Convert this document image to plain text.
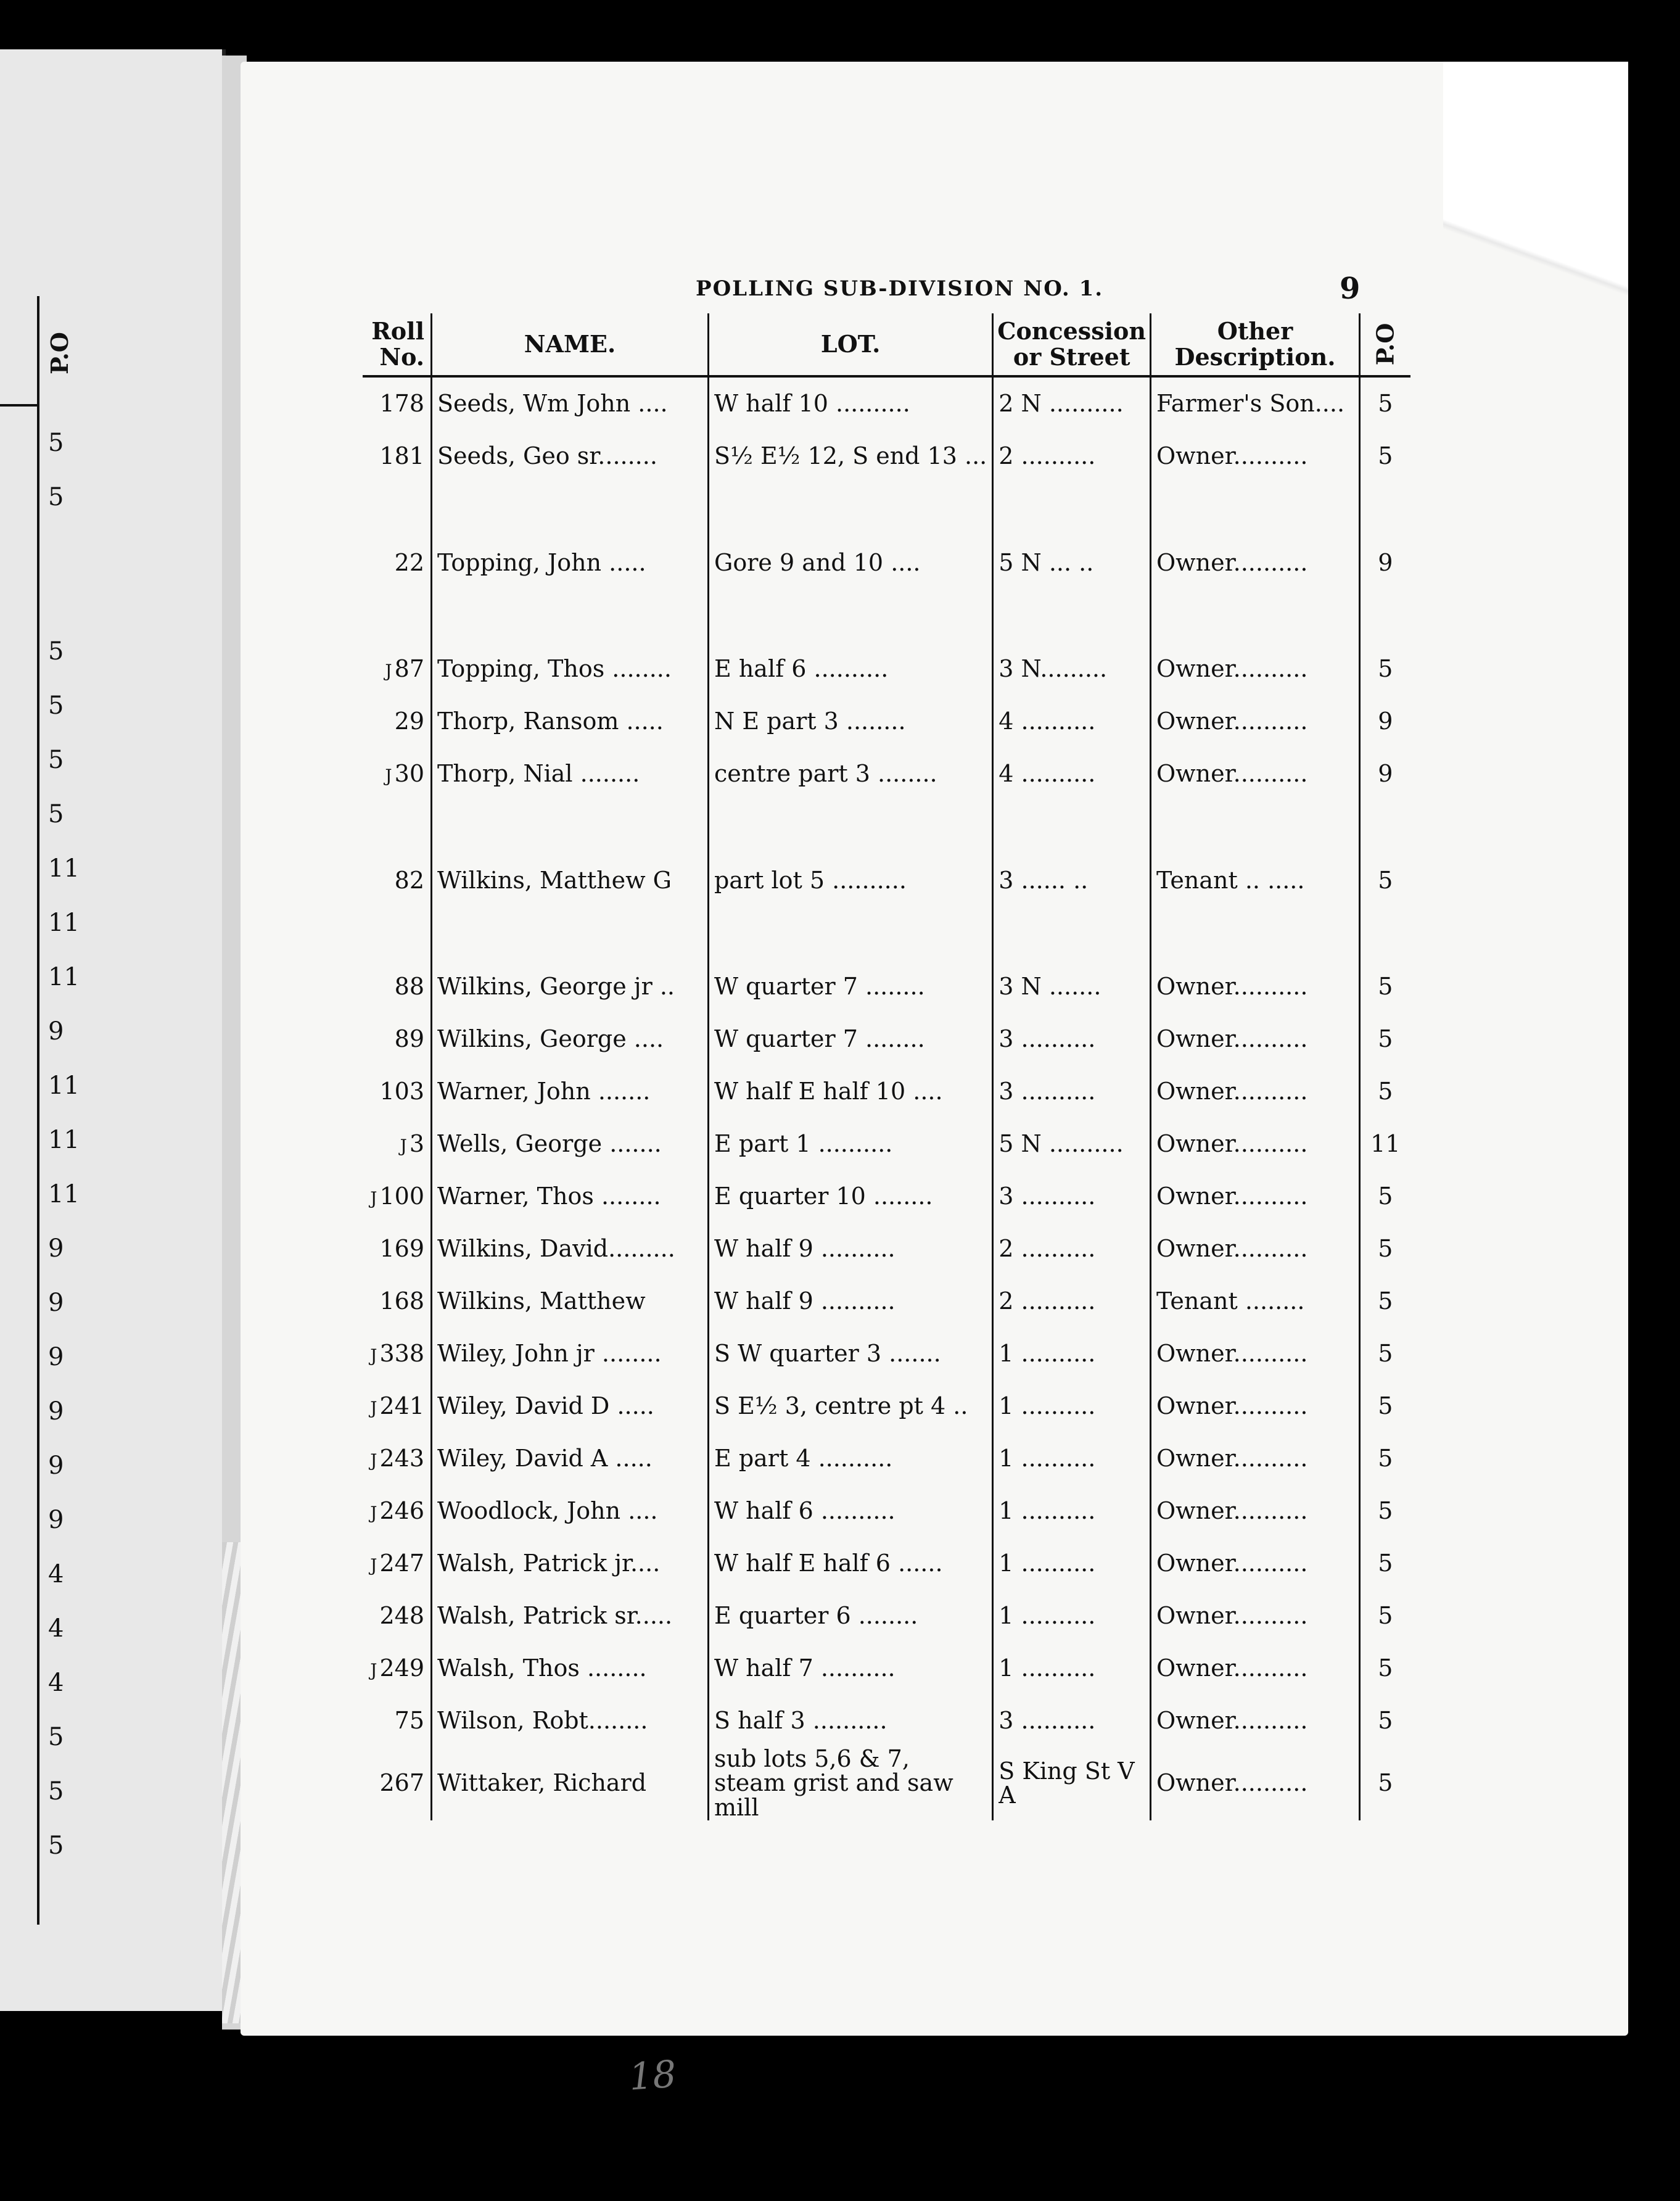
P.O
5
5
5
5
5
5
11
11
11
9
11
11
11
9
9
9
9
9
9
4
4
4
5
5
5
POLLING SUB-DIVISION NO. 1.	9
Roll No.	NAME.	LOT.	Concession or Street	Other Description.	P.O
178	Seeds, Wm John ....	W half 10 ..........	2 N ..........	Farmer's Son....	5
181	Seeds, Geo sr........	S½ E½ 12, S end 13 ...	2 ..........	Owner..........	5
22	Topping, John .....	Gore 9 and 10 ....	5 N ... ..	Owner..........	9
J 87	Topping, Thos ........	E half 6 ..........	3 N.........	Owner..........	5
29	Thorp, Ransom .....	N E part 3 ........	4 ..........	Owner..........	9
J 30	Thorp, Nial ........	centre part 3 ........	4 ..........	Owner..........	9
82	Wilkins, Matthew G	part lot 5 ..........	3 ...... ..	Tenant .. .....	5
88	Wilkins, George jr ..	W quarter 7 ........	3 N .......	Owner..........	5
89	Wilkins, George ....	W quarter 7 ........	3 ..........	Owner..........	5
103	Warner, John .......	W half E half 10 ....	3 ..........	Owner..........	5
J 3	Wells, George .......	E part 1 ..........	5 N ..........	Owner..........	11
J 100	Warner, Thos ........	E quarter 10 ........	3 ..........	Owner..........	5
169	Wilkins, David.........	W half 9 ..........	2 ..........	Owner..........	5
168	Wilkins, Matthew	W half 9 ..........	2 ..........	Tenant ........	5
J 338	Wiley, John jr ........	S W quarter 3 .......	1 ..........	Owner..........	5
J 241	Wiley, David D .....	S E½ 3, centre pt 4 ..	1 ..........	Owner..........	5
J 243	Wiley, David A .....	E part 4 ..........	1 ..........	Owner..........	5
J 246	Woodlock, John ....	W half 6 ..........	1 ..........	Owner..........	5
J 247	Walsh, Patrick jr....	W half E half 6 ......	1 ..........	Owner..........	5
248	Walsh, Patrick sr.....	E quarter 6 ........	1 ..........	Owner..........	5
J 249	Walsh, Thos ........	W half 7 ..........	1 ..........	Owner..........	5
75	Wilson, Robt........	S half 3 ..........	3 ..........	Owner..........	5
267	Wittaker, Richard	sub lots 5,6 & 7, steam grist and saw mill	S King St V A	Owner..........	5
18
